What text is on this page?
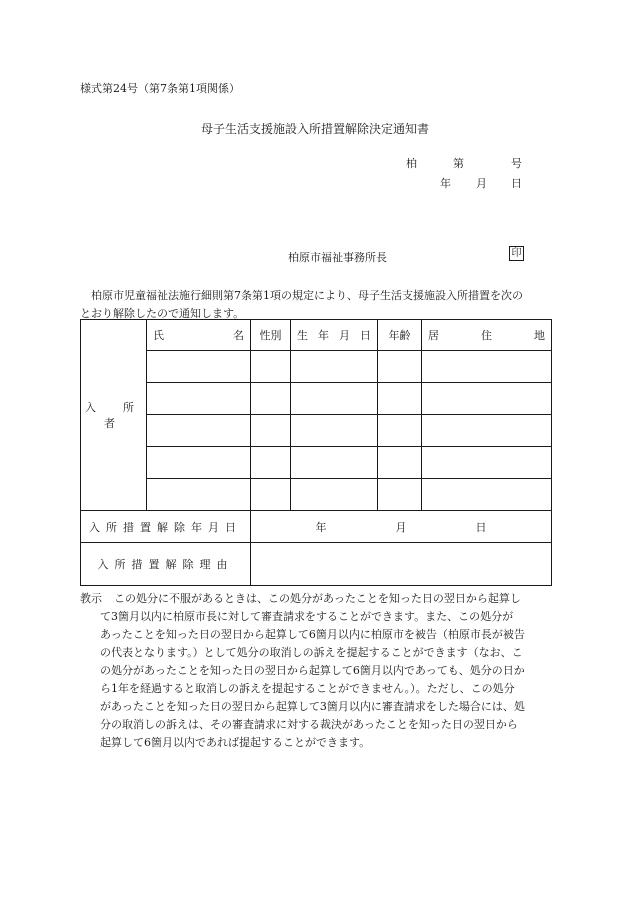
様式第24号（第7条第1項関係）
母子生活支援施設入所措置解除決定通知書
柏	第	号
年 月 日
柏原市福祉事務所長	印
柏原市児童福祉法施行細則第7条第1項の規定により、母子生活支援施設入所措置を次の
とおり解除したので通知します。
入　所　者	氏 名	性別	生 年 月 日	年齢	居 住 地

入所措置解除年月日		年 月 日			

入所措置解除理由					
教示	この処分に不服があるときは、この処分があったことを知った日の翌日から起算し
て3箇月以内に柏原市長に対して審査請求をすることができます。また、この処分が
あったことを知った日の翌日から起算して6箇月以内に柏原市を被告（柏原市長が被告
の代表となります。）として処分の取消しの訴えを提起することができます（なお、こ
の処分があったことを知った日の翌日から起算して6箇月以内であっても、処分の日か
ら1年を経過すると取消しの訴えを提起することができません。）。ただし、この処分
があったことを知った日の翌日から起算して3箇月以内に審査請求をした場合には、処
分の取消しの訴えは、その審査請求に対する裁決があったことを知った日の翌日から
起算して6箇月以内であれば提起することができます。
